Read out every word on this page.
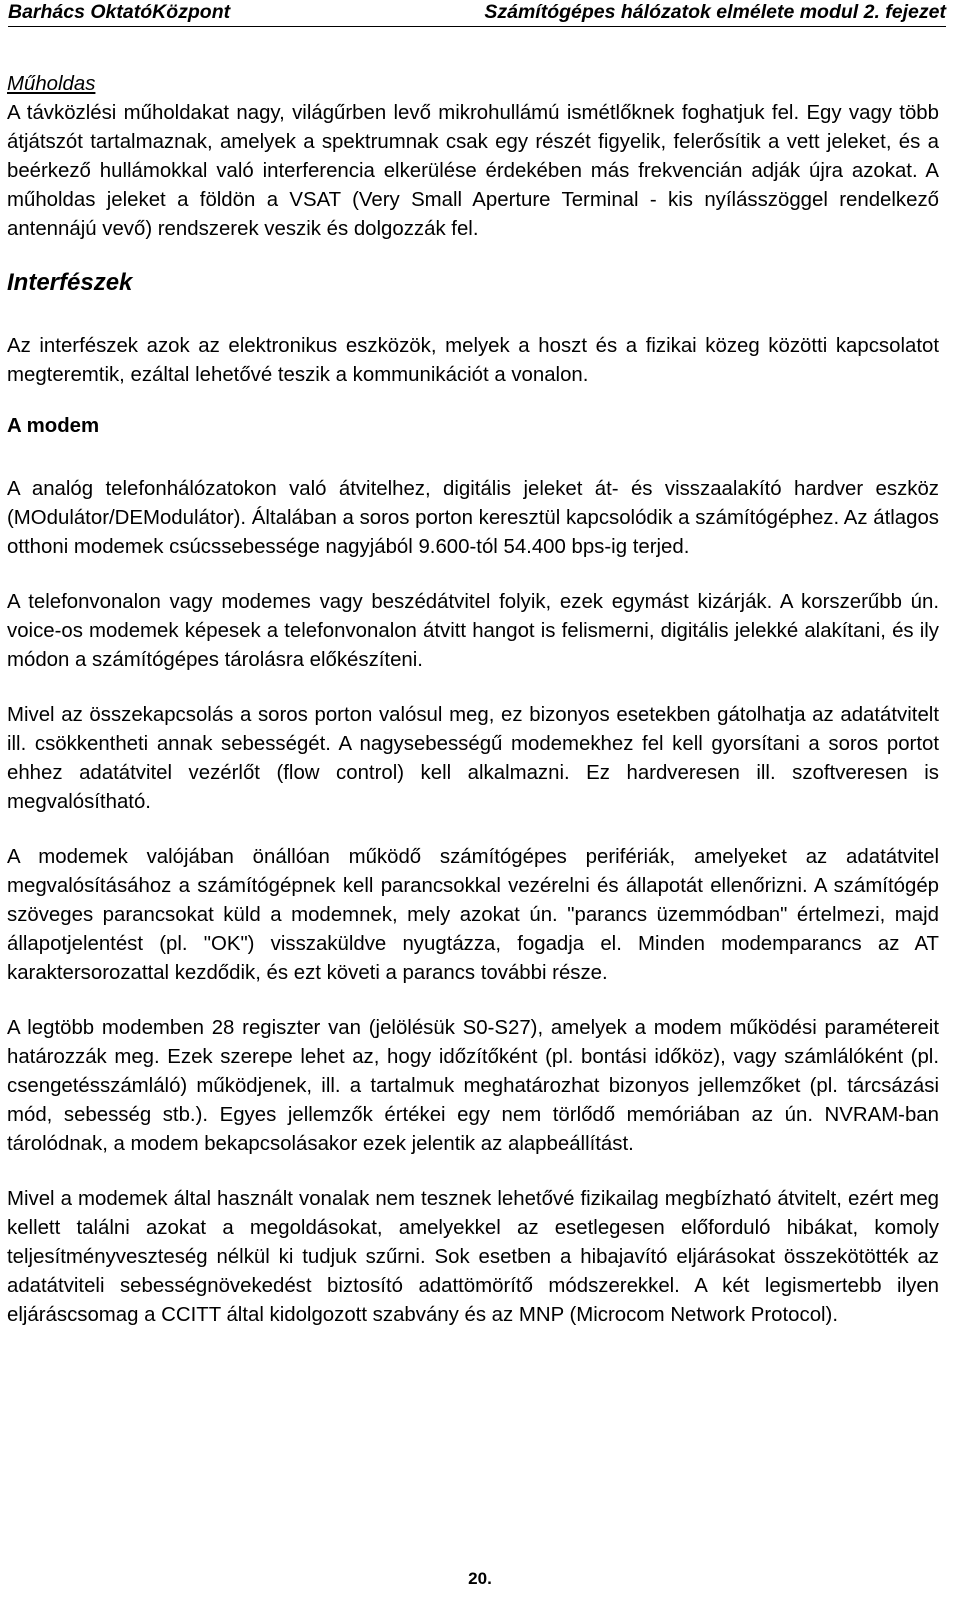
Barhács OktatóKözpont	Számítógépes hálózatok elmélete modul 2. fejezet
Műholdas

A távközlési műholdakat nagy, világűrben levő mikrohullámú ismétlőknek foghatjuk fel. Egy vagy több átjátszót tartalmaznak, amelyek a spektrumnak csak egy részét figyelik, felerősítik a vett jeleket, és a beérkező hullámokkal való interferencia elkerülése érdekében más frekvencián adják újra azokat. A műholdas jeleket a földön a VSAT (Very Small Aperture Terminal - kis nyílásszöggel rendelkező antennájú vevő) rendszerek veszik és dolgozzák fel.

Interfészek

Az interfészek azok az elektronikus eszközök, melyek a hoszt és a fizikai közeg közötti kapcsolatot megteremtik, ezáltal lehetővé teszik a kommunikációt a vonalon.

A modem

A analóg telefonhálózatokon való átvitelhez, digitális jeleket át- és visszaalakító hardver eszköz (MOdulátor/DEModulátor). Általában a soros porton keresztül kapcsolódik a számítógéphez. Az átlagos otthoni modemek csúcssebessége nagyjából 9.600-tól 54.400 bps-ig terjed.

A telefonvonalon vagy modemes vagy beszédátvitel folyik, ezek egymást kizárják. A korszerűbb ún. voice-os modemek képesek a telefonvonalon átvitt hangot is felismerni, digitális jelekké alakítani, és ily módon a számítógépes tárolásra előkészíteni.

Mivel az összekapcsolás a soros porton valósul meg, ez bizonyos esetekben gátolhatja az adatátvitelt ill. csökkentheti annak sebességét. A nagysebességű modemekhez fel kell gyorsítani a soros portot ehhez adatátvitel vezérlőt (flow control) kell alkalmazni. Ez hardveresen ill. szoftveresen is megvalósítható.

A modemek valójában önállóan működő számítógépes perifériák, amelyeket az adatátvitel megvalósításához a számítógépnek kell parancsokkal vezérelni és állapotát ellenőrizni. A számítógép szöveges parancsokat küld a modemnek, mely azokat ún. "parancs üzemmódban" értelmezi, majd állapotjelentést (pl. "OK") visszaküldve nyugtázza, fogadja el. Minden modemparancs az AT karaktersorozattal kezdődik, és ezt követi a parancs további része.

A legtöbb modemben 28 regiszter van (jelölésük S0-S27), amelyek a modem működési paramétereit határozzák meg. Ezek szerepe lehet az, hogy időzítőként (pl. bontási időköz), vagy számlálóként (pl. csengetésszámláló) működjenek, ill. a tartalmuk meghatározhat bizonyos jellemzőket (pl. tárcsázási mód, sebesség stb.). Egyes jellemzők értékei egy nem törlődő memóriában az ún. NVRAM-ban tárolódnak, a modem bekapcsolásakor ezek jelentik az alapbeállítást.

Mivel a modemek által használt vonalak nem tesznek lehetővé fizikailag megbízható átvitelt, ezért meg kellett találni azokat a megoldásokat, amelyekkel az esetlegesen előforduló hibákat, komoly teljesítményveszteség nélkül ki tudjuk szűrni. Sok esetben a hibajavító eljárásokat összekötötték az adatátviteli sebességnövekedést biztosító adattömörítő módszerekkel. A két legismertebb ilyen eljáráscsomag a CCITT által kidolgozott szabvány és az MNP (Microcom Network Protocol).

20.
